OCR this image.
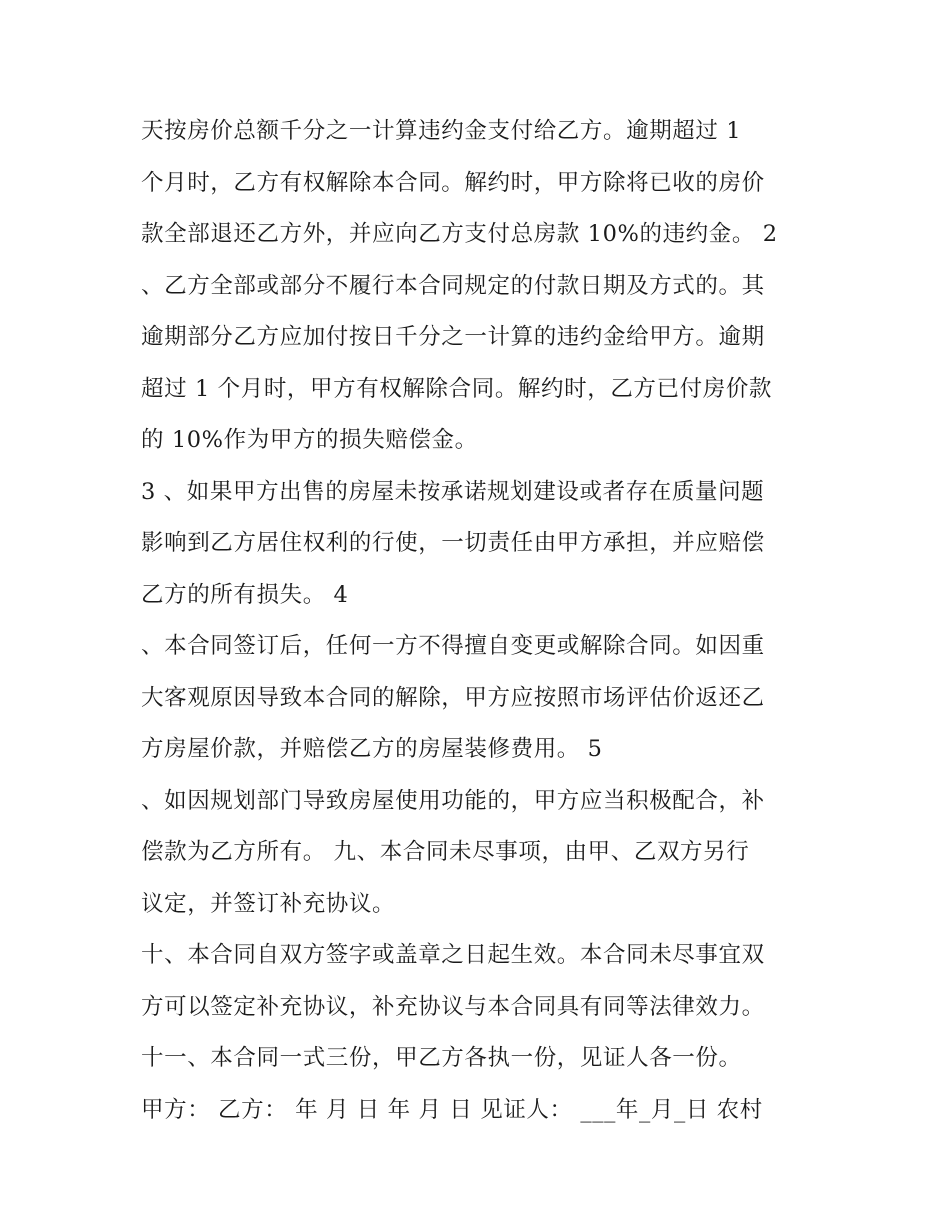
天按房价总额千分之一计算违约金支付给乙方。逾期超过 1
个月时，乙方有权解除本合同。解约时，甲方除将已收的房价
款全部退还乙方外，并应向乙方支付总房款 10%的违约金。 2
、乙方全部或部分不履行本合同规定的付款日期及方式的。其
逾期部分乙方应加付按日千分之一计算的违约金给甲方。逾期
超过 1 个月时，甲方有权解除合同。解约时，乙方已付房价款
的 10%作为甲方的损失赔偿金。
3 、如果甲方出售的房屋未按承诺规划建设或者存在质量问题
影响到乙方居住权利的行使，一切责任由甲方承担，并应赔偿
乙方的所有损失。 4
、本合同签订后，任何一方不得擅自变更或解除合同。如因重
大客观原因导致本合同的解除，甲方应按照市场评估价返还乙
方房屋价款，并赔偿乙方的房屋装修费用。 5
、如因规划部门导致房屋使用功能的，甲方应当积极配合，补
偿款为乙方所有。 九、本合同未尽事项，由甲、乙双方另行
议定，并签订补充协议。
十、本合同自双方签字或盖章之日起生效。本合同未尽事宜双
方可以签定补充协议，补充协议与本合同具有同等法律效力。
十一、本合同一式三份，甲乙方各执一份，见证人各一份。
甲方： 乙方： 年 月 日 年 月 日 见证人： ___年_月_日 农村
